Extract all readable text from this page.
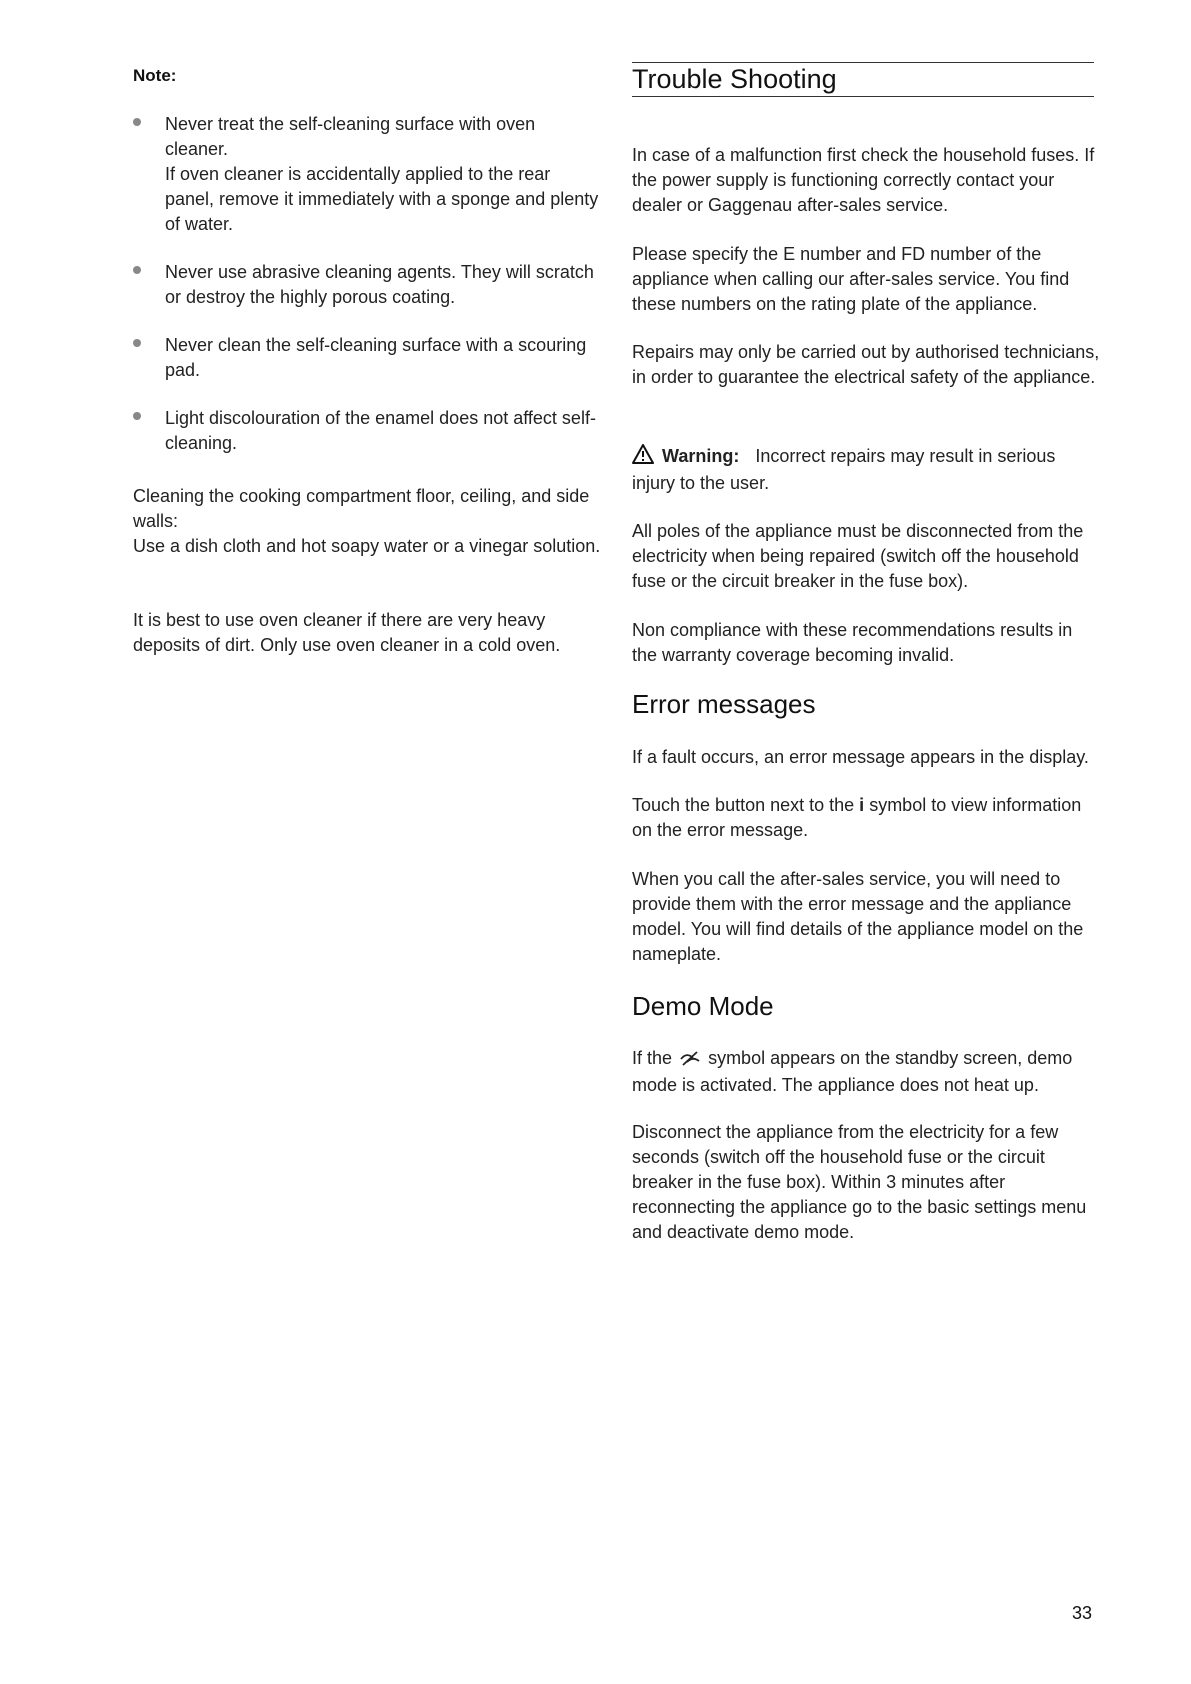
Note:

Never treat the self-cleaning surface with oven cleaner.

If oven cleaner is accidentally applied to the rear panel, remove it immediately with a sponge and plenty of water.

Never use abrasive cleaning agents. They will scratch or destroy the highly porous coating.

Never clean the self-cleaning surface with a scouring pad.

Light discolouration of the enamel does not affect self-cleaning.

Cleaning the cooking compartment floor, ceiling, and side walls:

Use a dish cloth and hot soapy water or a vinegar solution.

It is best to use oven cleaner if there are very heavy deposits of dirt. Only use oven cleaner in a cold oven.

Trouble Shooting

In case of a malfunction first check the household fuses. If the power supply is functioning correctly contact your dealer or Gaggenau after-sales service.

Please specify the E number and FD number of the appliance when calling our after-sales service. You find these numbers on the rating plate of the appliance.

Repairs may only be carried out by authorised technicians, in order to guarantee the electrical safety of the appliance.

Warning: Incorrect repairs may result in serious injury to the user.

All poles of the appliance must be disconnected from the electricity when being repaired (switch off the household fuse or the circuit breaker in the fuse box).

Non compliance with these recommendations results in the warranty coverage becoming invalid.

Error messages

If a fault occurs, an error message appears in the display.

Touch the button next to the i symbol to view information on the error message.

When you call the after-sales service, you will need to provide them with the error message and the appliance model. You will find details of the appliance model on the nameplate.

Demo Mode

If the symbol appears on the standby screen, demo mode is activated. The appliance does not heat up.

Disconnect the appliance from the electricity for a few seconds (switch off the household fuse or the circuit breaker in the fuse box). Within 3 minutes after reconnecting the appliance go to the basic settings menu and deactivate demo mode.

33
